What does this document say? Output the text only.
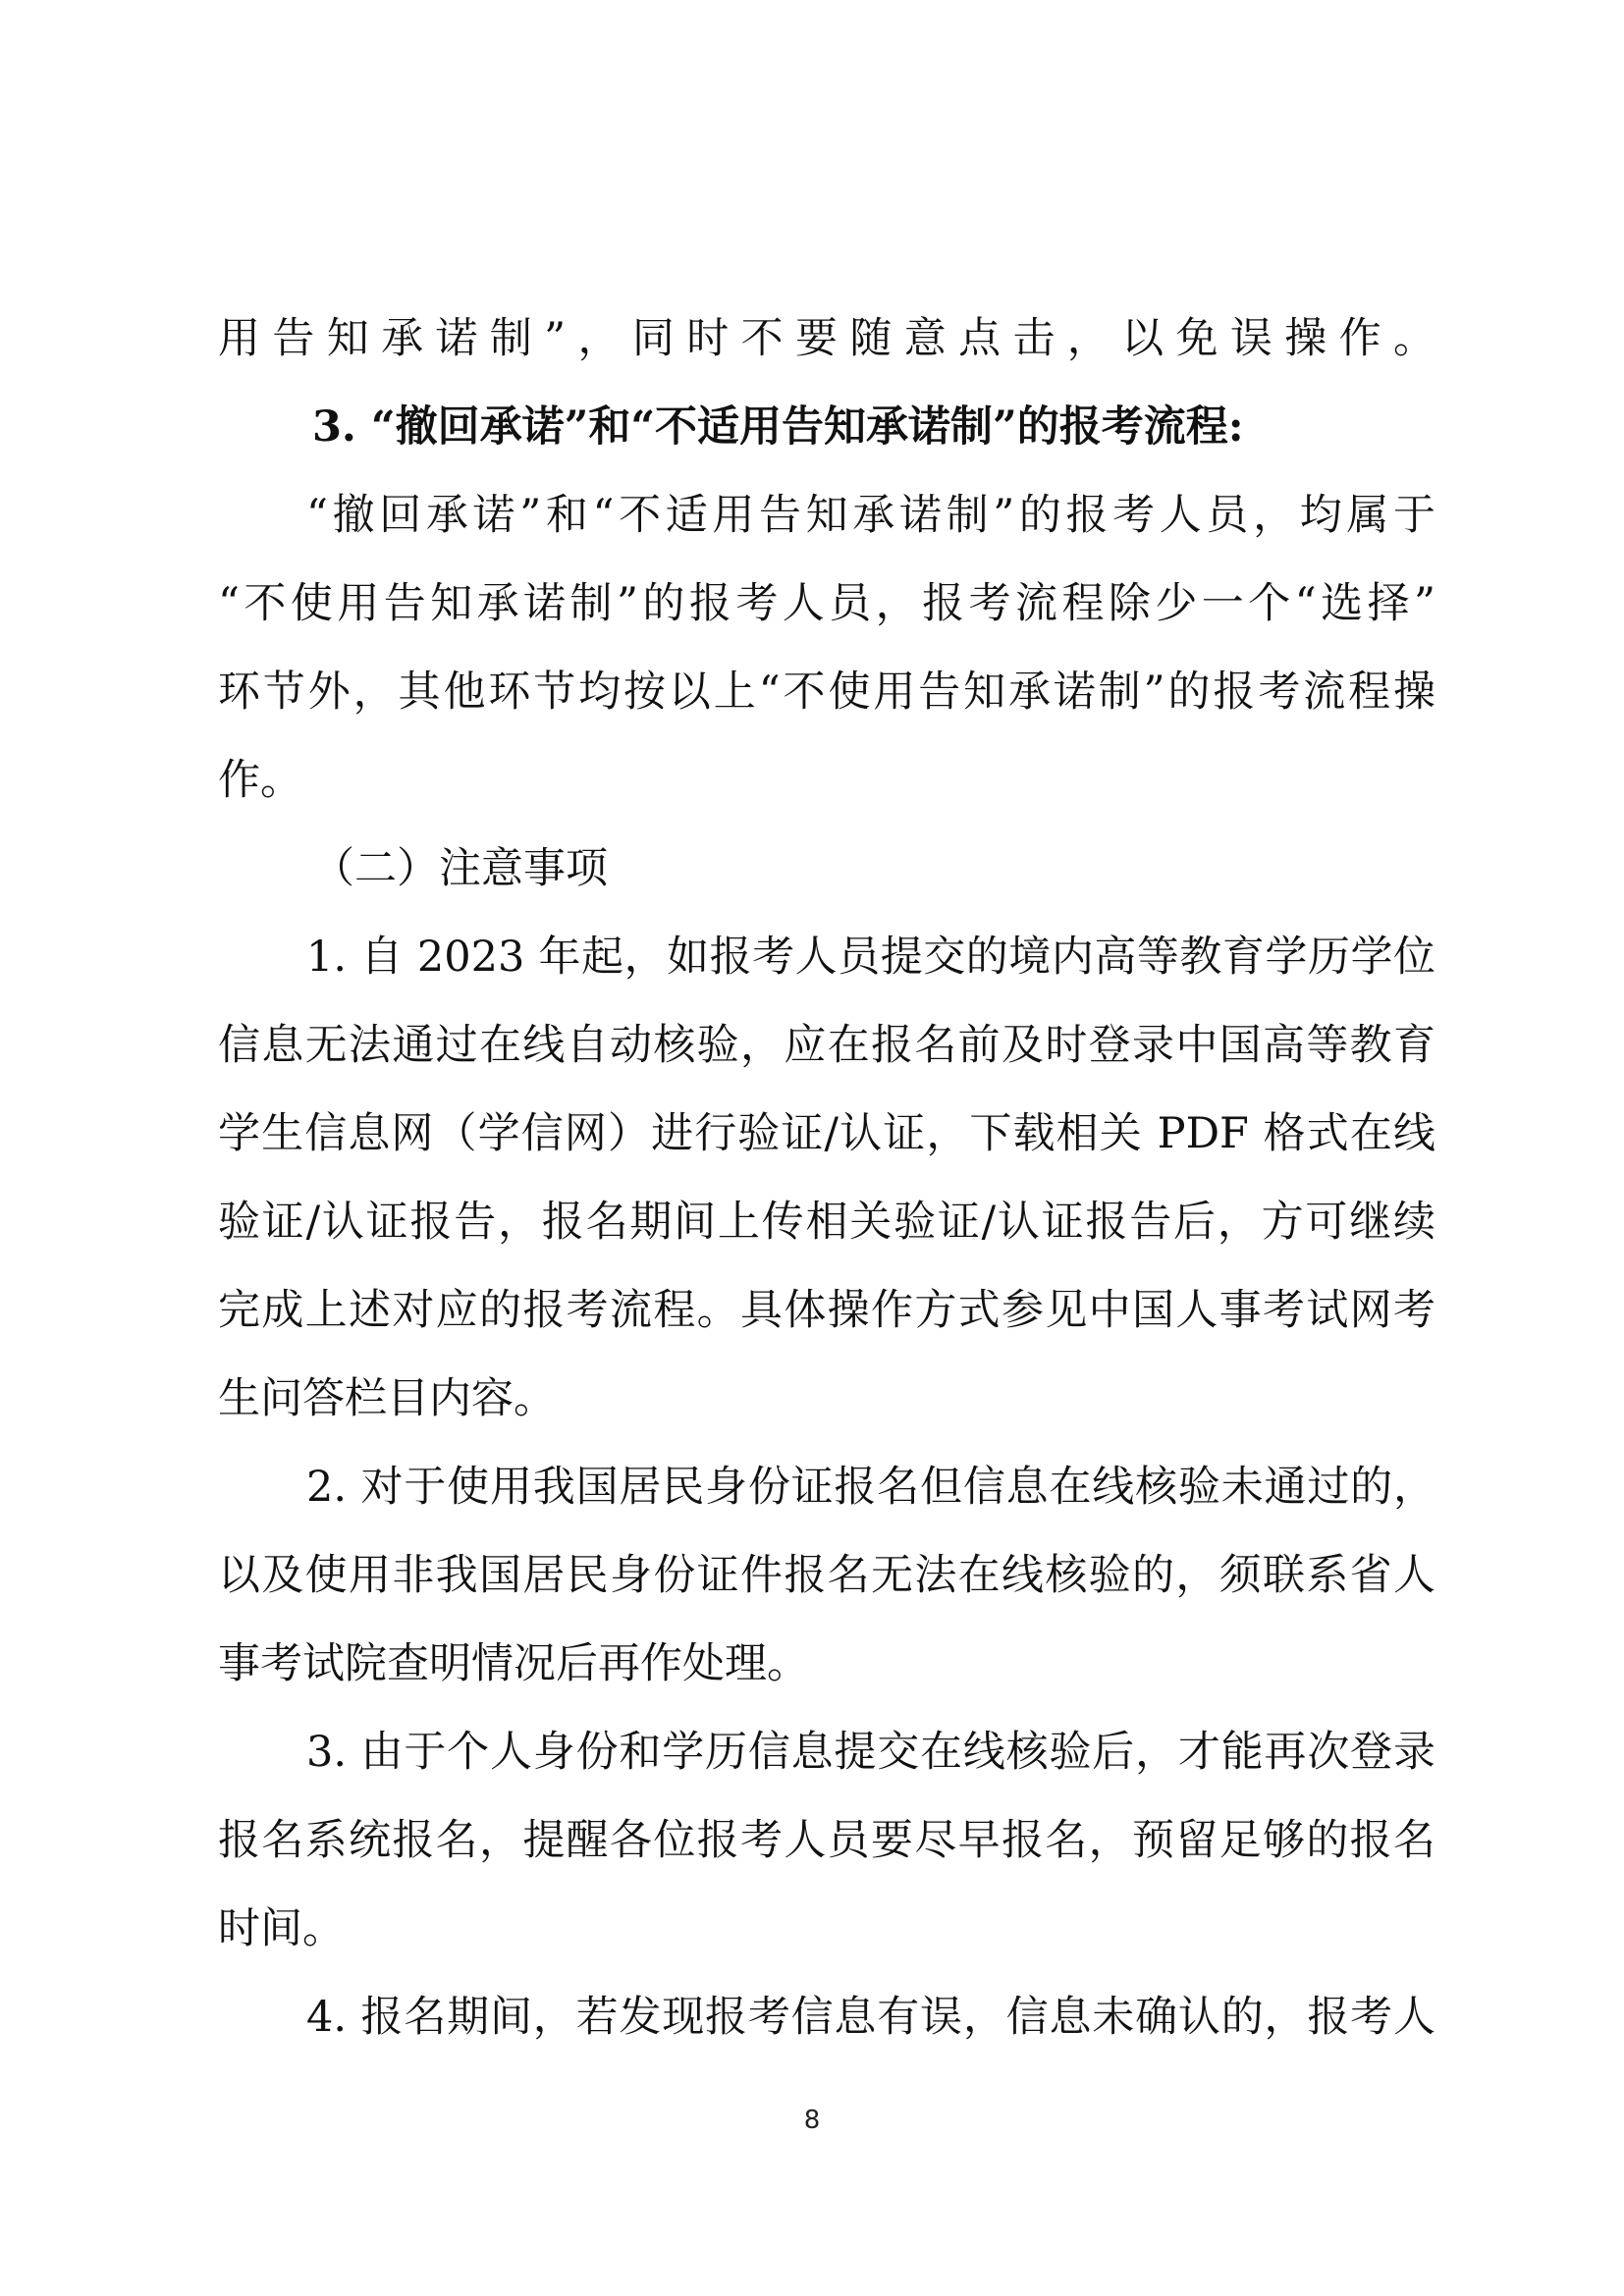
用告知承诺制”，同时不要随意点击，以免误操作。
3. “撤回承诺”和“不适用告知承诺制”的报考流程:
“撤回承诺”和“不适用告知承诺制”的报考人员，均属于
“不使用告知承诺制”的报考人员，报考流程除少一个“选择”
环节外，其他环节均按以上“不使用告知承诺制”的报考流程操
作。
（二）注意事项
1. 自 2023 年起，如报考人员提交的境内高等教育学历学位
信息无法通过在线自动核验，应在报名前及时登录中国高等教育
学生信息网（学信网）进行验证/认证，下载相关 PDF 格式在线
验证/认证报告，报名期间上传相关验证/认证报告后，方可继续
完成上述对应的报考流程。具体操作方式参见中国人事考试网考
生问答栏目内容。
2. 对于使用我国居民身份证报名但信息在线核验未通过的，
以及使用非我国居民身份证件报名无法在线核验的，须联系省人
事考试院查明情况后再作处理。
3. 由于个人身份和学历信息提交在线核验后，才能再次登录
报名系统报名，提醒各位报考人员要尽早报名，预留足够的报名
时间。
4. 报名期间，若发现报考信息有误，信息未确认的，报考人
8
